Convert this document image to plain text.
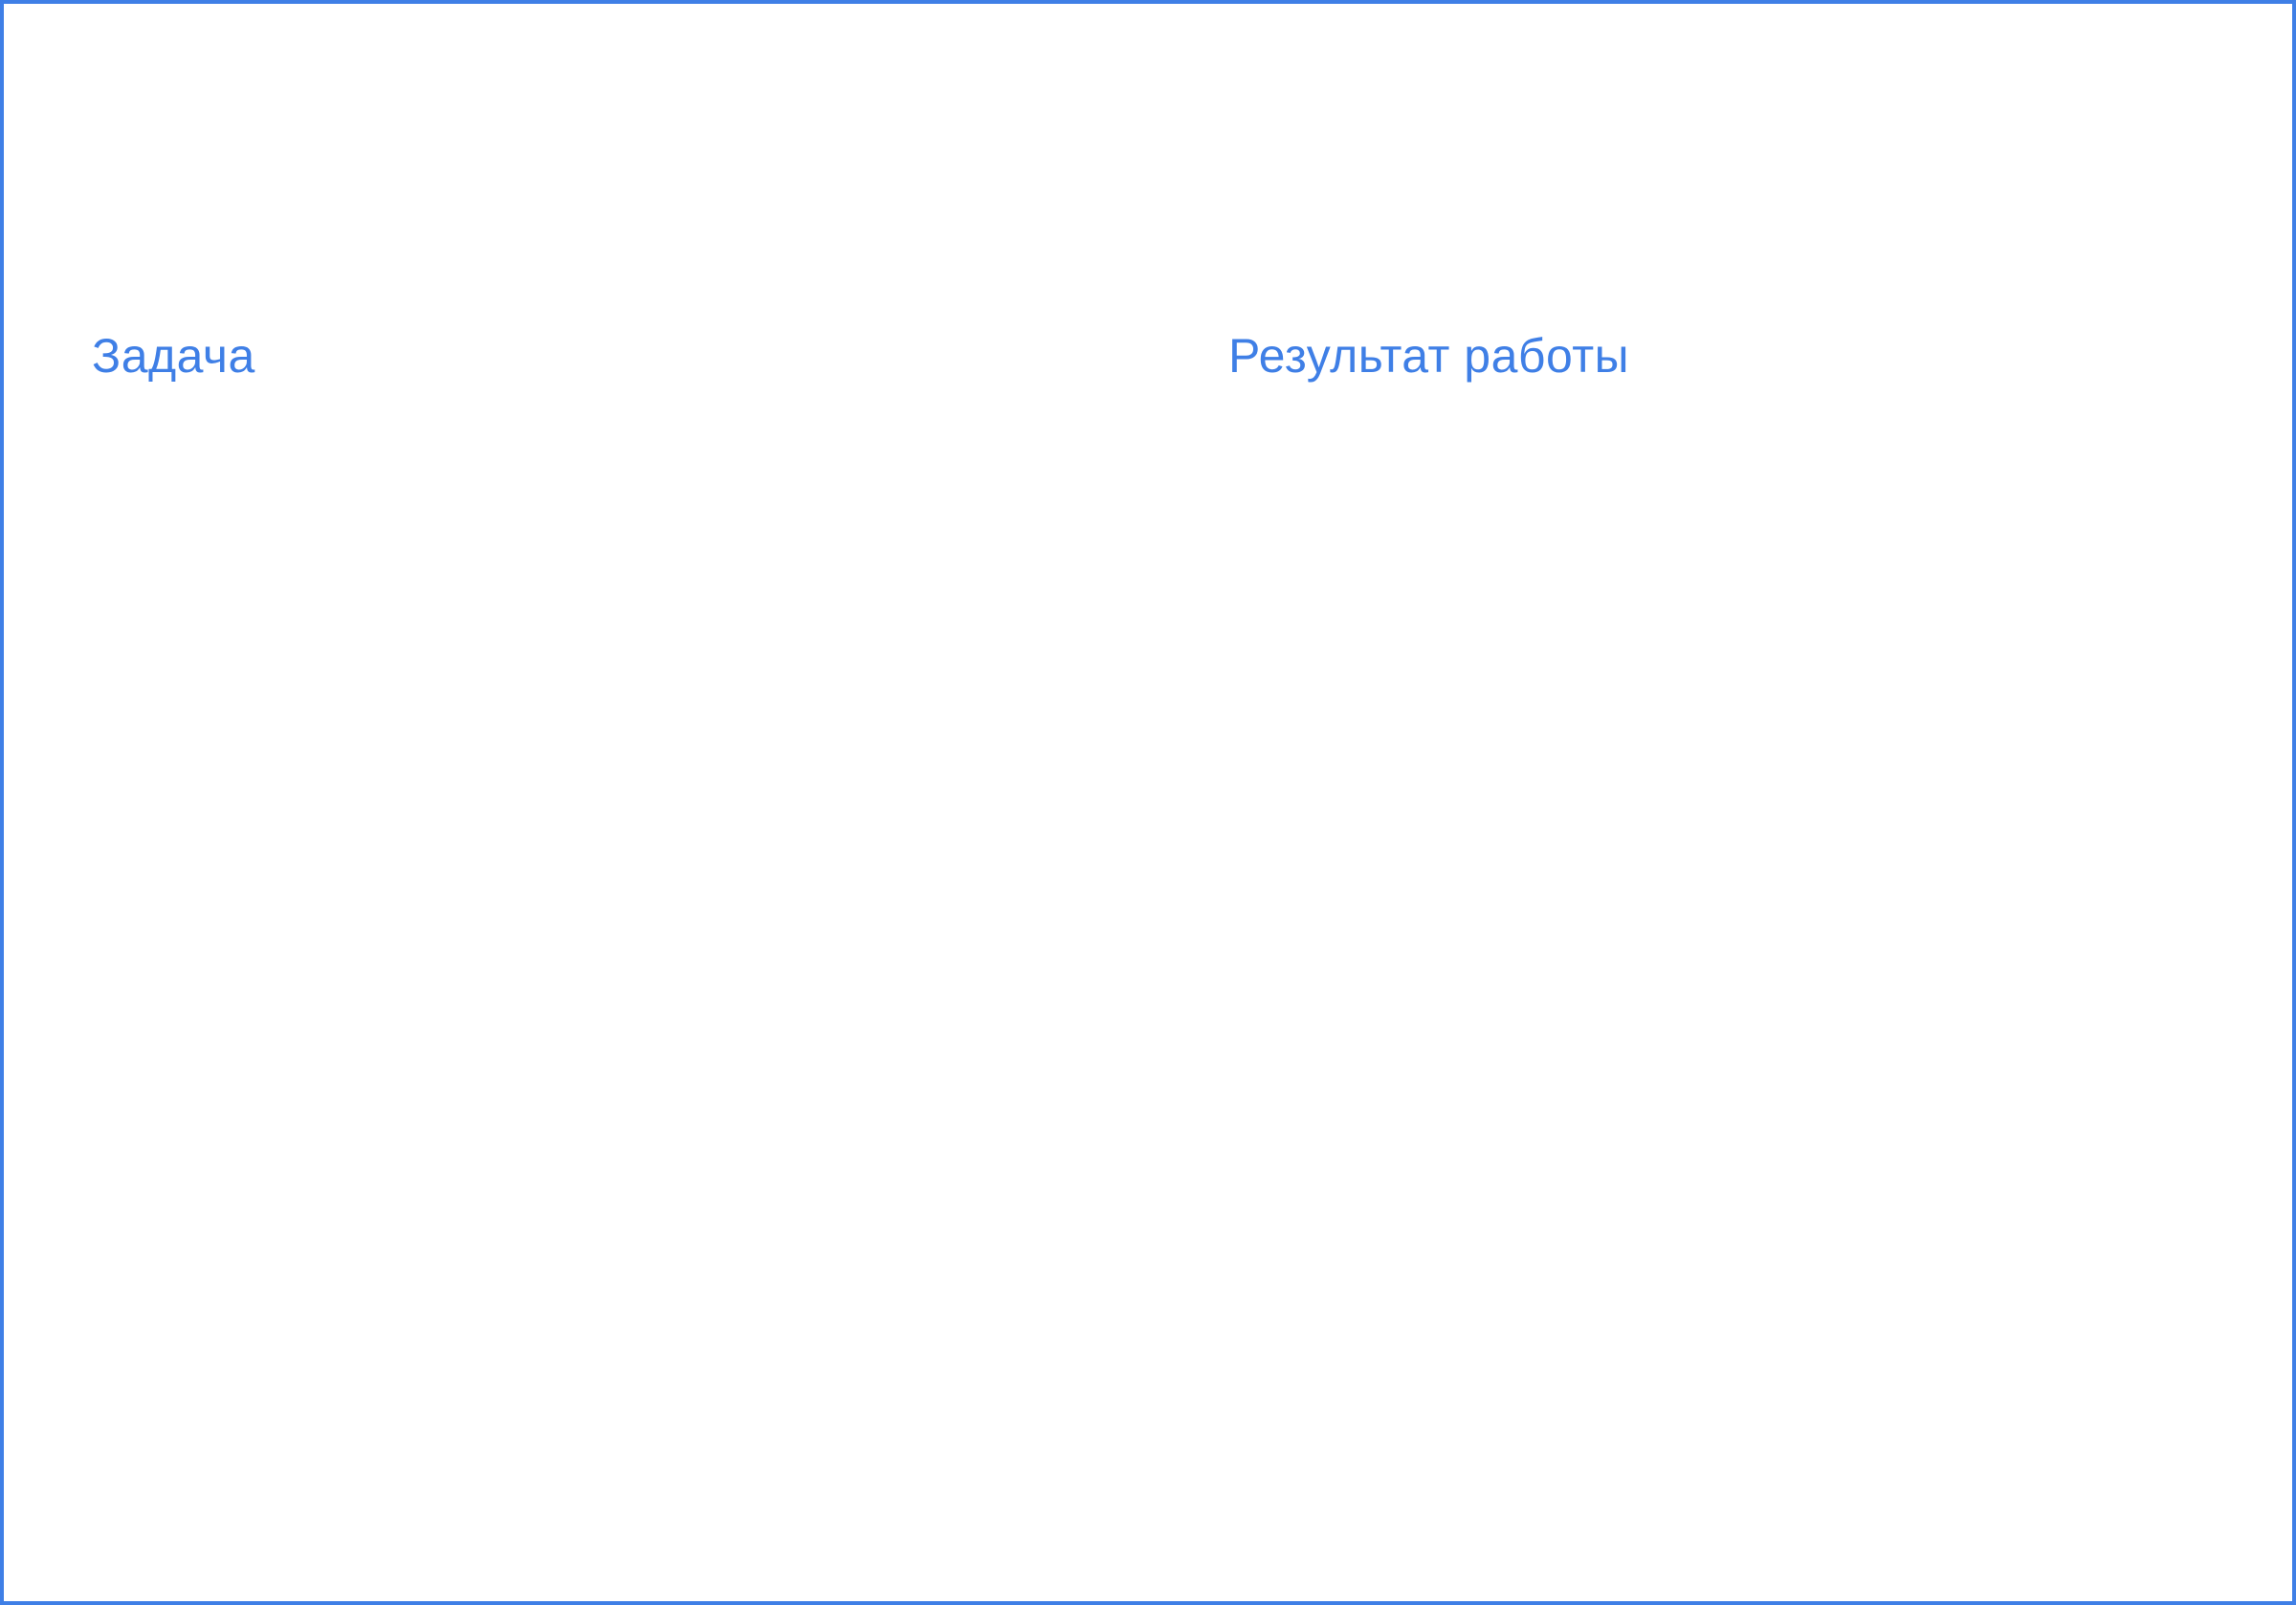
Задача	Результат работы
